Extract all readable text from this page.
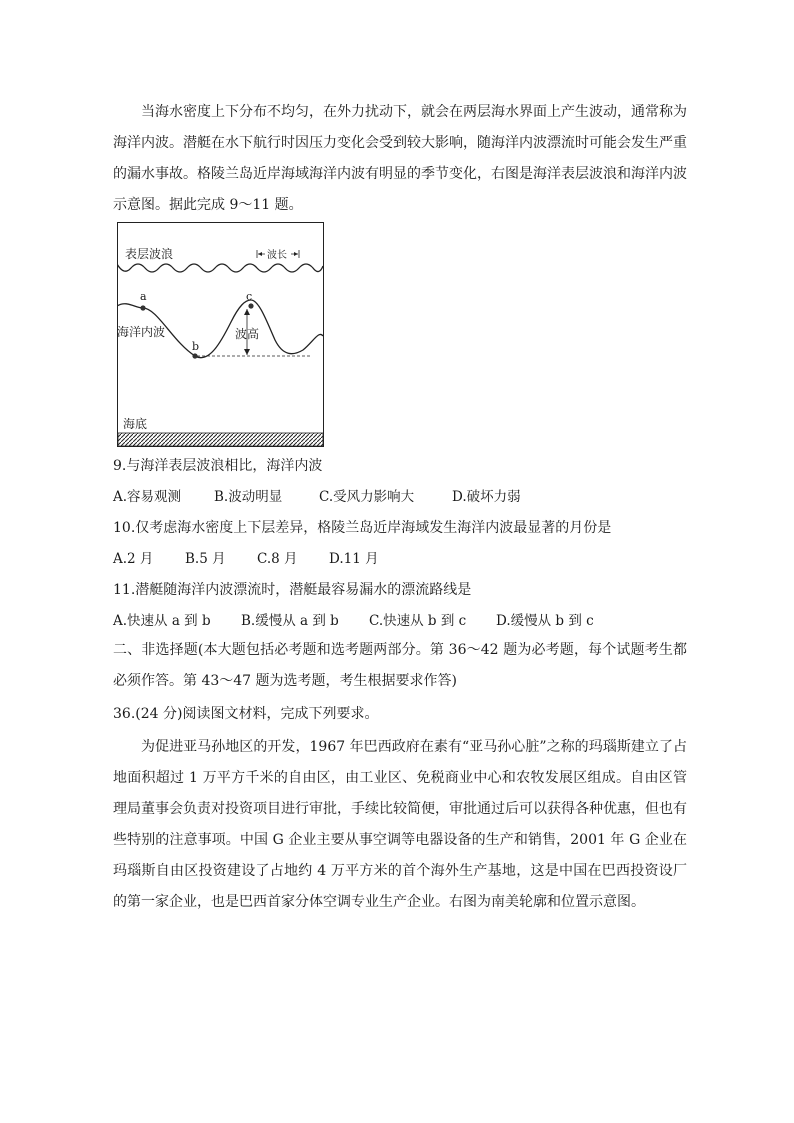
当海水密度上下分布不均匀，在外力扰动下，就会在两层海水界面上产生波动，通常称为海洋内波。潜艇在水下航行时因压力变化会受到较大影响，随海洋内波漂流时可能会发生严重的漏水事故。格陵兰岛近岸海域海洋内波有明显的季节变化，右图是海洋表层波浪和海洋内波示意图。据此完成 9～11 题。

表层波浪	波长
a
b
c
海洋内波	波高
海底

9.与海洋表层波浪相比，海洋内波

A.容易观测 B.波动明显	C.受风力影响大	D.破坏力弱

10.仅考虑海水密度上下层差异，格陵兰岛近岸海域发生海洋内波最显著的月份是

A.2 月 B.5 月 C.8 月 D.11 月

11.潜艇随海洋内波漂流时，潜艇最容易漏水的漂流路线是

A.快速从 a 到 b B.缓慢从 a 到 b C.快速从 b 到 c D.缓慢从 b 到 c

二、非选择题(本大题包括必考题和选考题两部分。第 36～42 题为必考题，每个试题考生都必须作答。第 43～47 题为选考题，考生根据要求作答)

36.(24 分)阅读图文材料，完成下列要求。

为促进亚马孙地区的开发，1967 年巴西政府在素有“亚马孙心脏”之称的玛瑙斯建立了占地面积超过 1 万平方千米的自由区，由工业区、免税商业中心和农牧发展区组成。自由区管理局董事会负责对投资项目进行审批，手续比较简便，审批通过后可以获得各种优惠，但也有些特别的注意事项。中国 G 企业主要从事空调等电器设备的生产和销售，2001 年 G 企业在玛瑙斯自由区投资建设了占地约 4 万平方米的首个海外生产基地，这是中国在巴西投资设厂的第一家企业，也是巴西首家分体空调专业生产企业。右图为南美轮廓和位置示意图。
